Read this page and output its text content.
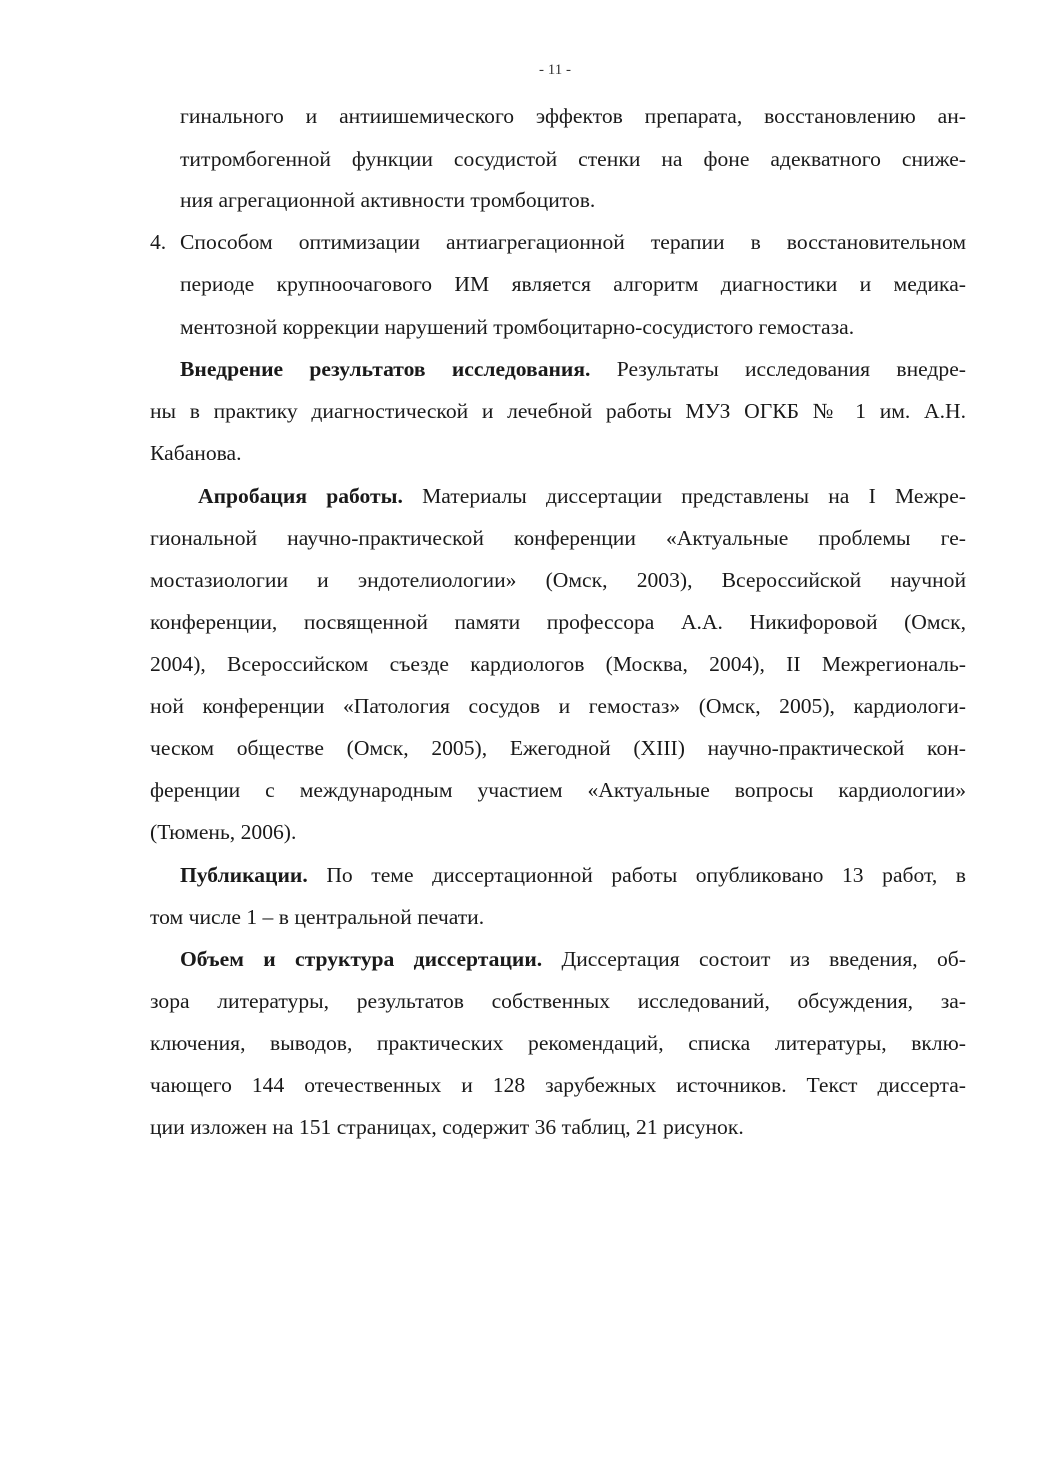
- 11 -
гинального и антиишемического эффектов препарата, восстановлению ан-
титромбогенной функции сосудистой стенки на фоне адекватного сниже-
ния агрегационной активности тромбоцитов.
4. Способом оптимизации антиагрегационной терапии в восстановительном
периоде крупноочагового ИМ является алгоритм диагностики и медика-
ментозной коррекции нарушений тромбоцитарно-сосудистого гемостаза.
Внедрение результатов исследования. Результаты исследования внедре-
ны в практику диагностической и лечебной работы МУЗ ОГКБ № 1 им. А.Н.
Кабанова.
Апробация работы. Материалы диссертации представлены на I Межре-
гиональной научно-практической конференции «Актуальные проблемы ге-
мостазиологии и эндотелиологии» (Омск, 2003), Всероссийской научной
конференции, посвященной памяти профессора А.А. Никифоровой (Омск,
2004), Всероссийском съезде кардиологов (Москва, 2004), II Межрегиональ-
ной конференции «Патология сосудов и гемостаз» (Омск, 2005), кардиологи-
ческом обществе (Омск, 2005), Ежегодной (XIII) научно-практической кон-
ференции с международным участием «Актуальные вопросы кардиологии»
(Тюмень, 2006).
Публикации. По теме диссертационной работы опубликовано 13 работ, в
том числе 1 – в центральной печати.
Объем и структура диссертации. Диссертация состоит из введения, об-
зора литературы, результатов собственных исследований, обсуждения, за-
ключения, выводов, практических рекомендаций, списка литературы, вклю-
чающего 144 отечественных и 128 зарубежных источников. Текст диссерта-
ции изложен на 151 страницах, содержит 36 таблиц, 21 рисунок.
